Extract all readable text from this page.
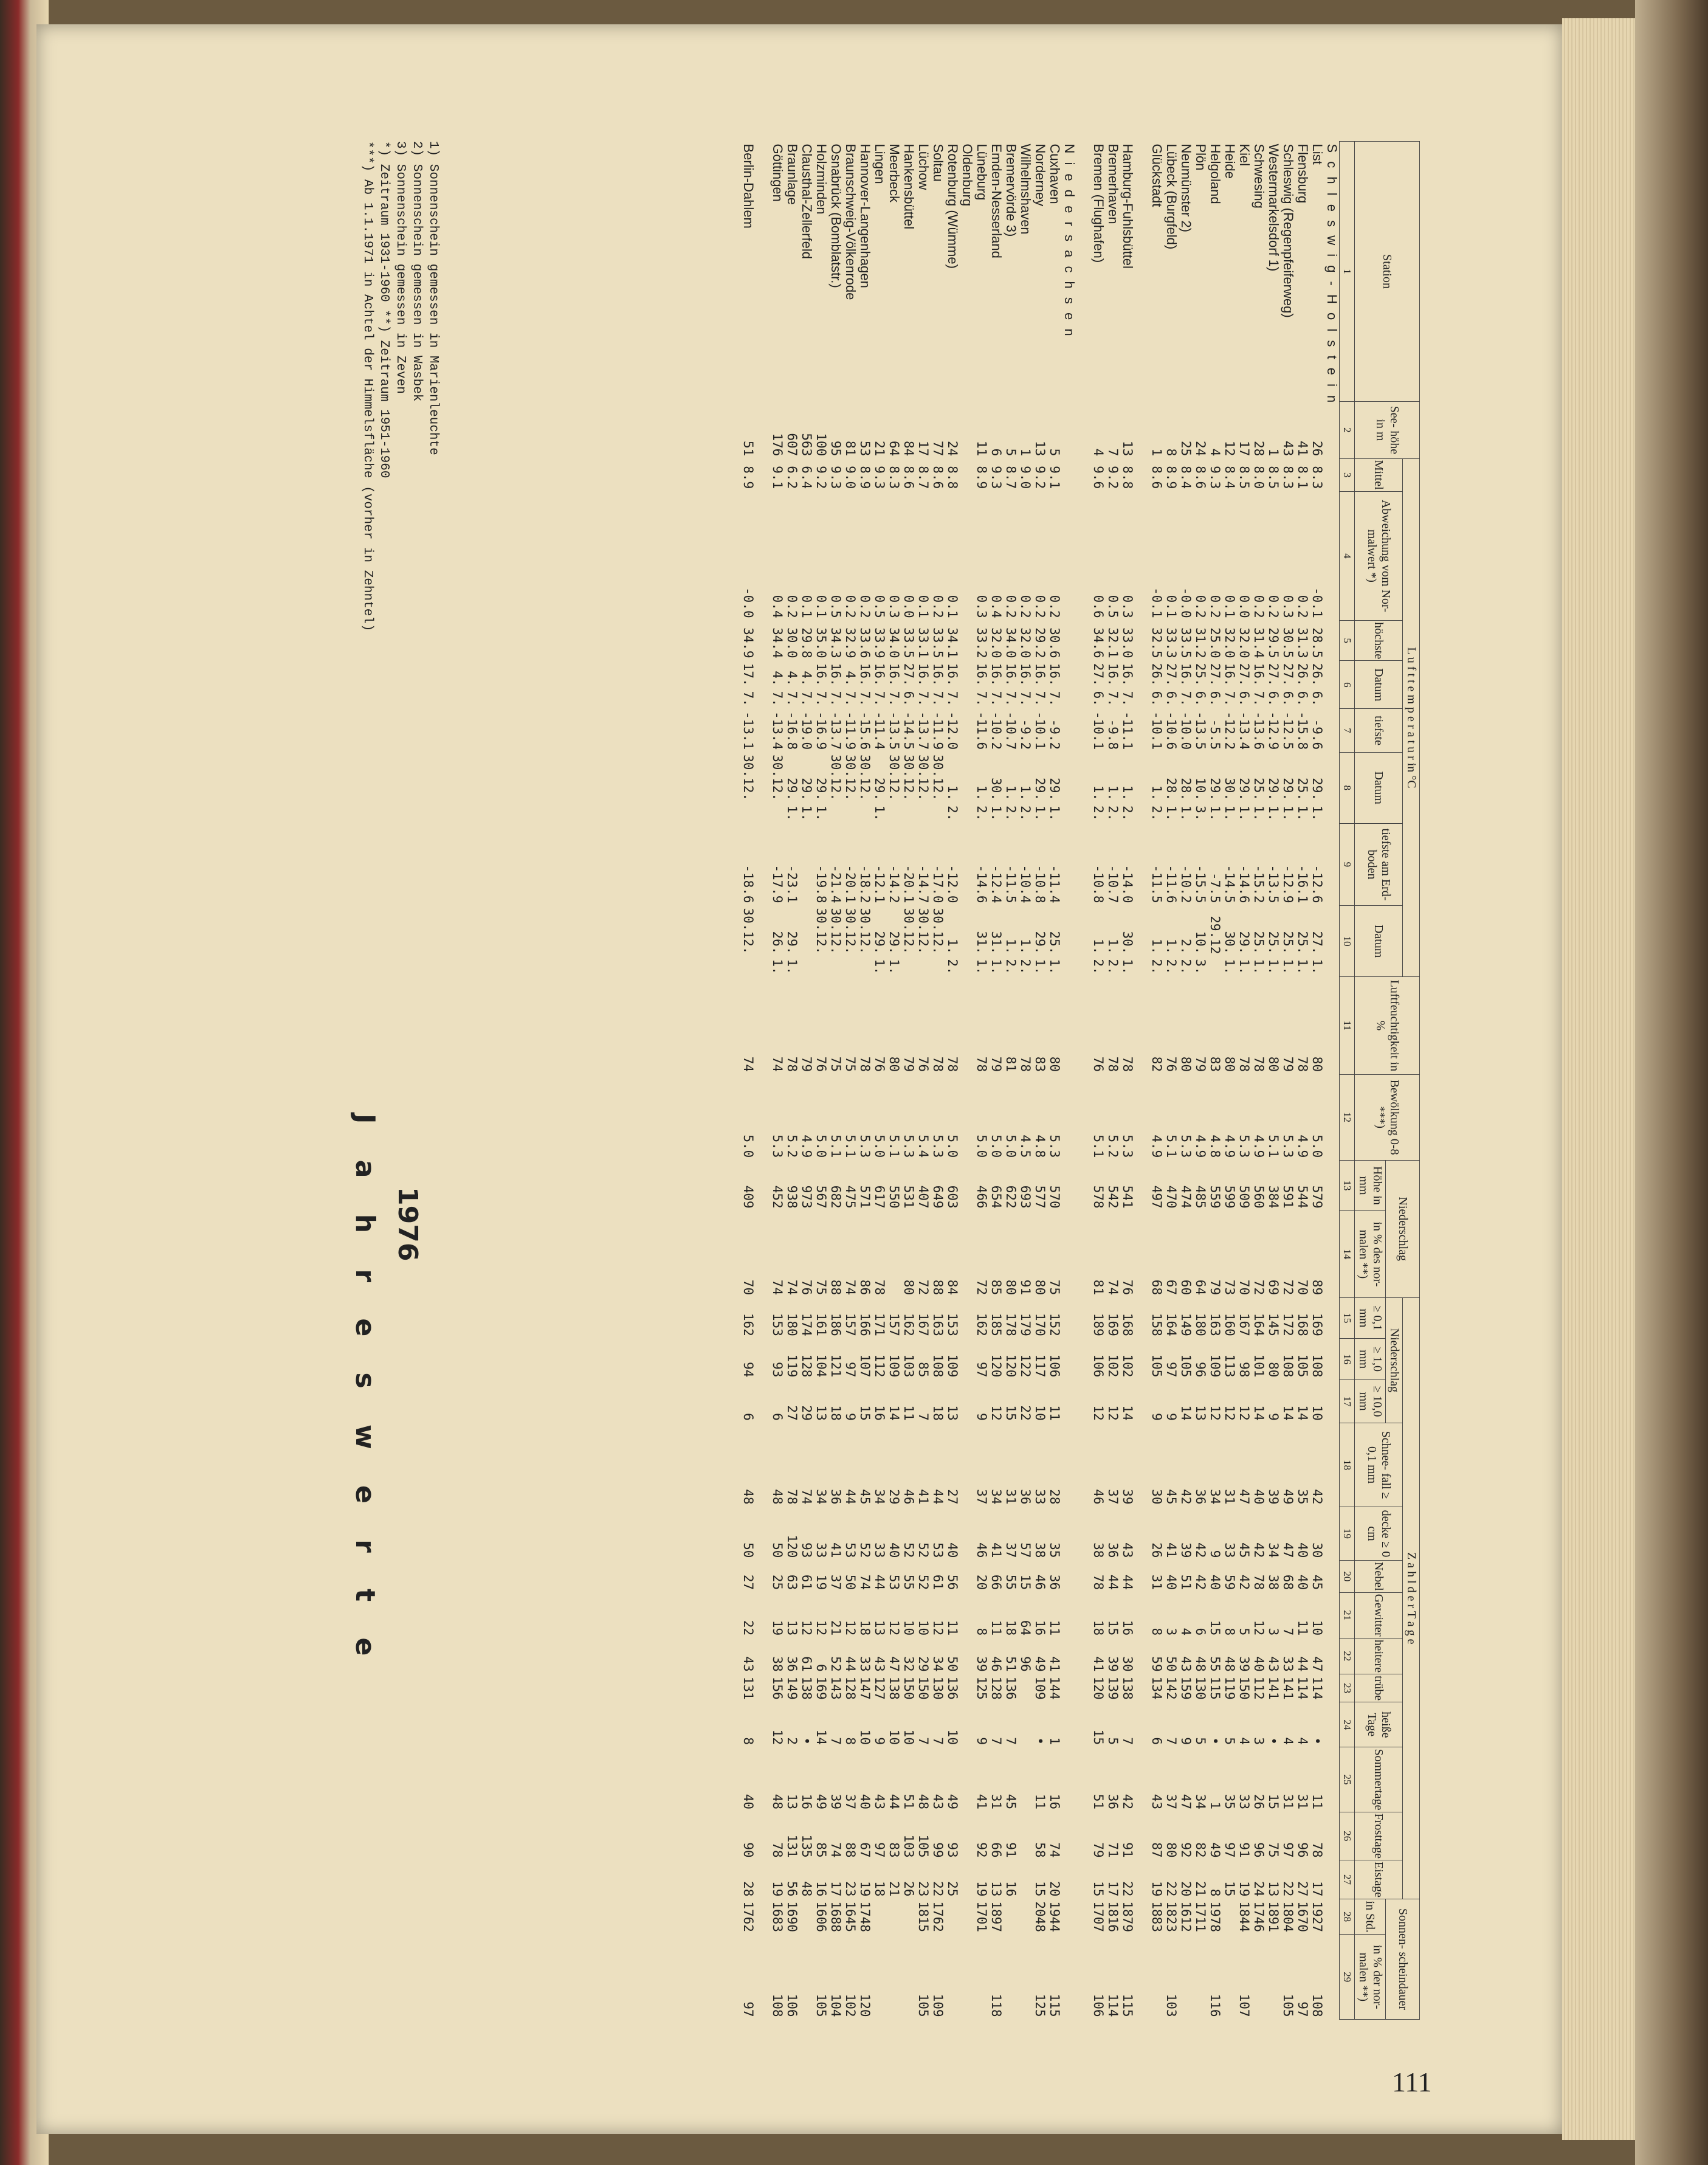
Station	See- höhe in m	L u f t t e m p e r a t u r in °C											Luftfeuchtigkeit in %	Bewölkung 0-8 ***)	Niederschlag		Z a h l d e r T a g e													Sonnen- scheindauer	
		Mittel	Abweichung vom Nor- malwert *)	höchste	Datum		tiefste	Datum		tiefste am Erd- boden	Datum						Niederschlag			Schnee- fall ≥ 0,1 mm	decke ≥ 0 cm	Nebel	Gewitter	heitere	trübe	heiße Tage	Sommertage	Frosttage	Eistage		
															Höhe in mm	in % des nor- malen **)	≥ 0,1 mm	≥ 1,0 mm	≥ 10,0 mm											in Std.	in % der nor- malen **)

1	2	3	4	5	6		7	8		9	10		11	12	13	14	15	16	17	18	19	20	21	22	23	24	25	26	27	28	29
S c h l e s w i g - H o l s t e i n																															
List	26	8.3	-0.1	28.5	26.	6.	-9.6	29.	1.	-12.6	27.	1.	80	5.0	579	89	169	108	10	42	30	45	10	47	114	•	11	78	17	1927	108
Flensburg	41	8.1	0.2	31.3	26.	6.	-15.8	25.	1.	-16.1	25.	1.	78	4.9	544	70	168	105	14	35	40	40	11	44	114	4	31	96	27	1670	97
Schleswig (Regenpfeiferweg)	43	8.3	0.3	30.5	27.	6.	-12.5	29.	1.	-12.9	25.	1.	79	5.3	591	72	172	108	14	49	47	68	7	33	141	4	31	97	22	1804	105
Westermarkelsdorf 1)	1	8.5	0.2	29.5	27.	6.	-12.9	29.	1.	-13.5	25.	1.	80	5.1	384	69	145	80	9	39	34	38	3	43	141	•	15	75	13	1891	
Schwesing	28	8.0	0.2	31.4	16.	7.	-13.6	25.	1.	-15.2	25.	1.	78	4.9	560	72	164	101	14	40	42	78	12	40	112	3	26	96	24	1746	
Kiel	17	8.5	0.0	32.0	27.	6.	-13.4	29.	1.	-14.6	29.	1.	78	5.3	509	70	167	98	12	47	45	42	5	39	150	4	33	91	19	1844	107
Heide	12	8.4	0.1	32.0	16.	7.	-12.2	30.	1.	-14.5	30.	1.	80	4.9	599	73	160	113	12	31	33	59	8	48	119	5	35	97	15		
Helgoland	4	9.3	0.2	25.0	27.	6.	-5.5	29.	1.	-7.5	29.12		83	4.8	559	79	163	109	12	34	9	40	15	55	115	•	1	49	8	1978	116
Plön	24	8.6	0.2	31.2	25.	6.	-13.5	10.	3.	-15.5	10.	3.	79	4.9	485	64	180	96	13	36	42	42	6	48	130	5	34	82	21	1711	
Neumünster 2)	25	8.4	-0.0	33.5	16.	7.	-10.0	28.	1.	-10.2	2.	2.	80	5.3	474	60	149	105	14	42	39	51	4	43	159	9	47	92	20	1612	
Lübeck (Burgfeld)	8	8.9	0.1	33.3	27.	6.	-10.6	28.	1.	-11.6	1.	2.	76	5.1	470	67	164	97	9	45	41	40	3	50	142	7	37	80	22	1823	103
Glückstadt	1	8.6	-0.1	32.5	26.	6.	-10.1	1.	2.	-11.5	1.	2.	82	4.9	497	68	158	105	9	30	26	31	8	59	134	6	43	87	19	1883	

Hamburg-Fuhlsbüttel	13	8.8	0.3	33.0	16.	7.	-11.1	1.	2.	-14.0	30.	1.	78	5.3	541	76	168	102	14	39	43	44	16	30	138	7	42	91	22	1879	115
Bremerhaven	7	9.2	0.5	32.1	16.	7.	-9.8	1.	2.	-10.7	1.	2.	78	5.2	542	74	169	102	12	37	36	44	15	39	139	5	36	71	17	1816	114
Bremen (Flughafen)	4	9.6	0.6	34.6	27.	6.	-10.1	1.	2.	-10.8	1.	2.	76	5.1	578	81	189	106	12	46	38	78	18	41	120	15	51	79	15	1707	106

N i e d e r s a c h s e n																															
Cuxhaven	5	9.1	0.2	30.6	16.	7.	-9.2	29.	1.	-11.4	25.	1.	80	5.3	570	75	152	106	11	28	35	36	11	41	144	1	16	74	20	1944	115
Norderney	13	9.2	0.2	29.2	16.	7.	-10.1	29.	1.	-10.8	29.	1.	83	4.8	577	80	170	117	10	33	38	46	16	49	109	•	11	58	15	2048	125
Wilhelmshaven	1	9.0	0.2	32.0	16.	7.	-9.2	1.	2.	-10.4	1.	2.	78	4.5	693	91	179	122	22	36	57	15	64	96							
Bremervörde 3)	5	8.7	0.2	34.0	16.	7.	-10.7	1.	2.	-11.5	1.	2.	81	5.0	622	80	178	120	15	31	37	55	18	51	136	7	45	91	16		
Emden-Nesserland	6	9.3	0.4	32.0	16.	7.	-10.2	30.	1.	-12.4	31.	1.	79	5.0	654	85	185	120	12	34	41	66	11	46	128	7	31	66	13	1897	118
Lüneburg	11	8.9	0.3	33.2	16.	7.	-11.6	1.	2.	-14.6	31.	1.	78	5.0	466	72	162	97	9	37	46	20	8	39	125	9	41	92	19	1701	
Oldenburg																															
Rotenburg (Wümme)	24	8.8	0.1	34.1	16.	7.	-12.0	1.	2.	-12.0	1.	2.	78	5.0	603	84	153	109	13	27	40	56	11	50	136	10	49	93	25		
Soltau	77	8.6	0.2	33.5	16.	7.	-11.9	30.12.		-17.0	30.12.		78	5.3	649	88	163	108	18	44	53	61	12	34	130	7	43	99	22	1762	109
Lüchow	17	8.7	0.1	33.1	16.	7.	-13.7	30.12.		-14.7	30.12.		76	5.4	407	72	167	85	7	41	52	52	10	29	150	7	48	105	23	1815	105
Hankensbüttel	84	8.6	0.0	33.5	27.	6.	-14.5	30.12.		-20.1	30.12.		79	5.3	531	80	162	103	11	46	52	55	10	32	150	10	51	103	26		
Meerbeck	64	8.3	0.3	34.0	16.	7.	-13.5	30.12.		-14.2	29.	1.	80	5.1	550		157	109	14	29	40	53	12	47	138	10	44	83	21		
Lingen	21	9.3	0.5	33.9	16.	7.	-11.4	29.	1.	-12.1	29.	1.	76	5.0	617	78	171	112	16	34	33	44	13	43	127	9	43	97	18		
Hannover-Langenhagen	53	8.9	0.2	33.6	16.	7.	-15.6	30.12.		-18.2	30.12.		78	5.3	571	86	166	107	15	45	52	74	18	33	147	10	40	67	19	1748	120
Braunschweig-Völkenrode	81	9.0	0.2	32.9	4.	7.	-11.9	30.12.		-20.1	30.12.		75	5.1	475	74	157	97	9	44	53	50	12	44	128	8	37	88	23	1645	102
Osnabrück (Bomblatstr.)	95	9.3	0.5	34.3	16.	7.	-13.7	30.12.		-21.4	30.12.		75	5.1	682	88	186	121	18	36	41	37	21	52	143	7	39	74	17	1688	104
Holzminden	100	9.2	0.1	35.0	16.	7.	-16.9	29.	1.	-19.8	30.12.		76	5.0	567	75	161	104	13	34	33	19	12	6	169	14	49	85	16	1606	105
Clausthal-Zellerfeld	563	6.4	0.1	29.8	4.	7.	-19.0	29.	1.				79	4.9	973	76	174	128	29	74	93	61	12	61	138	•	16	135	48		
Braunlage	607	6.2	0.2	30.0	4.	7.	-16.8	29.	1.	-23.1	29.	1.	78	5.2	938	74	180	119	27	78	120	63	13	36	149	2	13	131	56	1690	106
Göttingen	176	9.1	0.4	34.4	4.	7.	-13.4	30.12.		-17.9	26.	1.	74	5.3	452	74	153	93	6	48	50	25	19	38	156	12	48	78	19	1683	108

Berlin-Dahlem	51	8.9	-0.0	34.9	17.	7.	-13.1	30.12.		-18.6	30.12.		74	5.0	409	70	162	94	6	48	50	27	22	43	131	8	40	90	28	1762	97
1) Sonnenschein gemessen in Marienleuchte
2) Sonnenschein gemessen in Wasbek
3) Sonnenschein gemessen in Zeven
*) Zeitraum 1931-1960 **) Zeitraum 1951-1960
***) Ab 1.1.1971 in Achtel der Himmelsfläche (vorher in Zehntel)
J a h r e s w e r t e 1976
111
